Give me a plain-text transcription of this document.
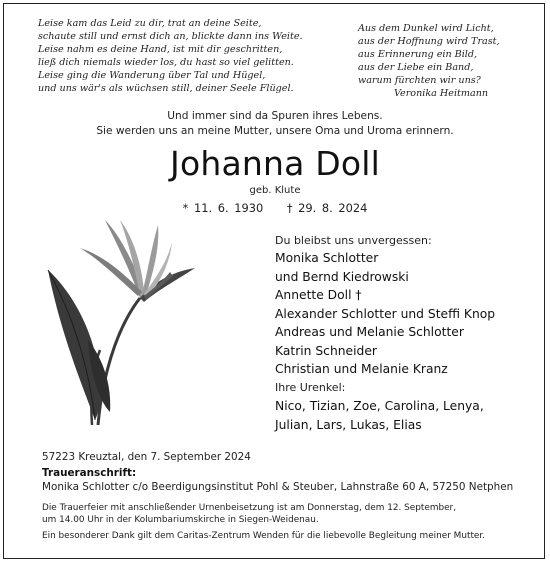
Leise kam das Leid zu dir, trat an deine Seite,
schaute still und ernst dich an, blickte dann ins Weite.
Leise nahm es deine Hand, ist mit dir geschritten,
ließ dich niemals wieder los, du hast so viel gelitten.
Leise ging die Wanderung über Tal und Hügel,
und uns wär's als wüchsen still, deiner Seele Flügel.
Aus dem Dunkel wird Licht,
aus der Hoffnung wird Trast,
aus Erinnerung ein Bild,
aus der Liebe ein Band,
warum fürchten wir uns?
Veronika Heitmann
Und immer sind da Spuren ihres Lebens.
Sie werden uns an meine Mutter, unsere Oma und Uroma erinnern.
Johanna Doll
geb. Klute
* 11. 6. 1930 † 29. 8. 2024
Du bleibst uns unvergessen:
Monika Schlotter
und Bernd Kiedrowski
Annette Doll †
Alexander Schlotter und Steffi Knop
Andreas und Melanie Schlotter
Katrin Schneider
Christian und Melanie Kranz
Ihre Urenkel:
Nico, Tizian, Zoe, Carolina, Lenya,
Julian, Lars, Lukas, Elias
57223 Kreuztal, den 7. September 2024
Traueranschrift:
Monika Schlotter c/o Beerdigungsinstitut Pohl & Steuber, Lahnstraße 60 A, 57250 Netphen
Die Trauerfeier mit anschließender Urnenbeisetzung ist am Donnerstag, dem 12. September,
um 14.00 Uhr in der Kolumbariumskirche in Siegen-Weidenau.
Ein besonderer Dank gilt dem Caritas-Zentrum Wenden für die liebevolle Begleitung meiner Mutter.
